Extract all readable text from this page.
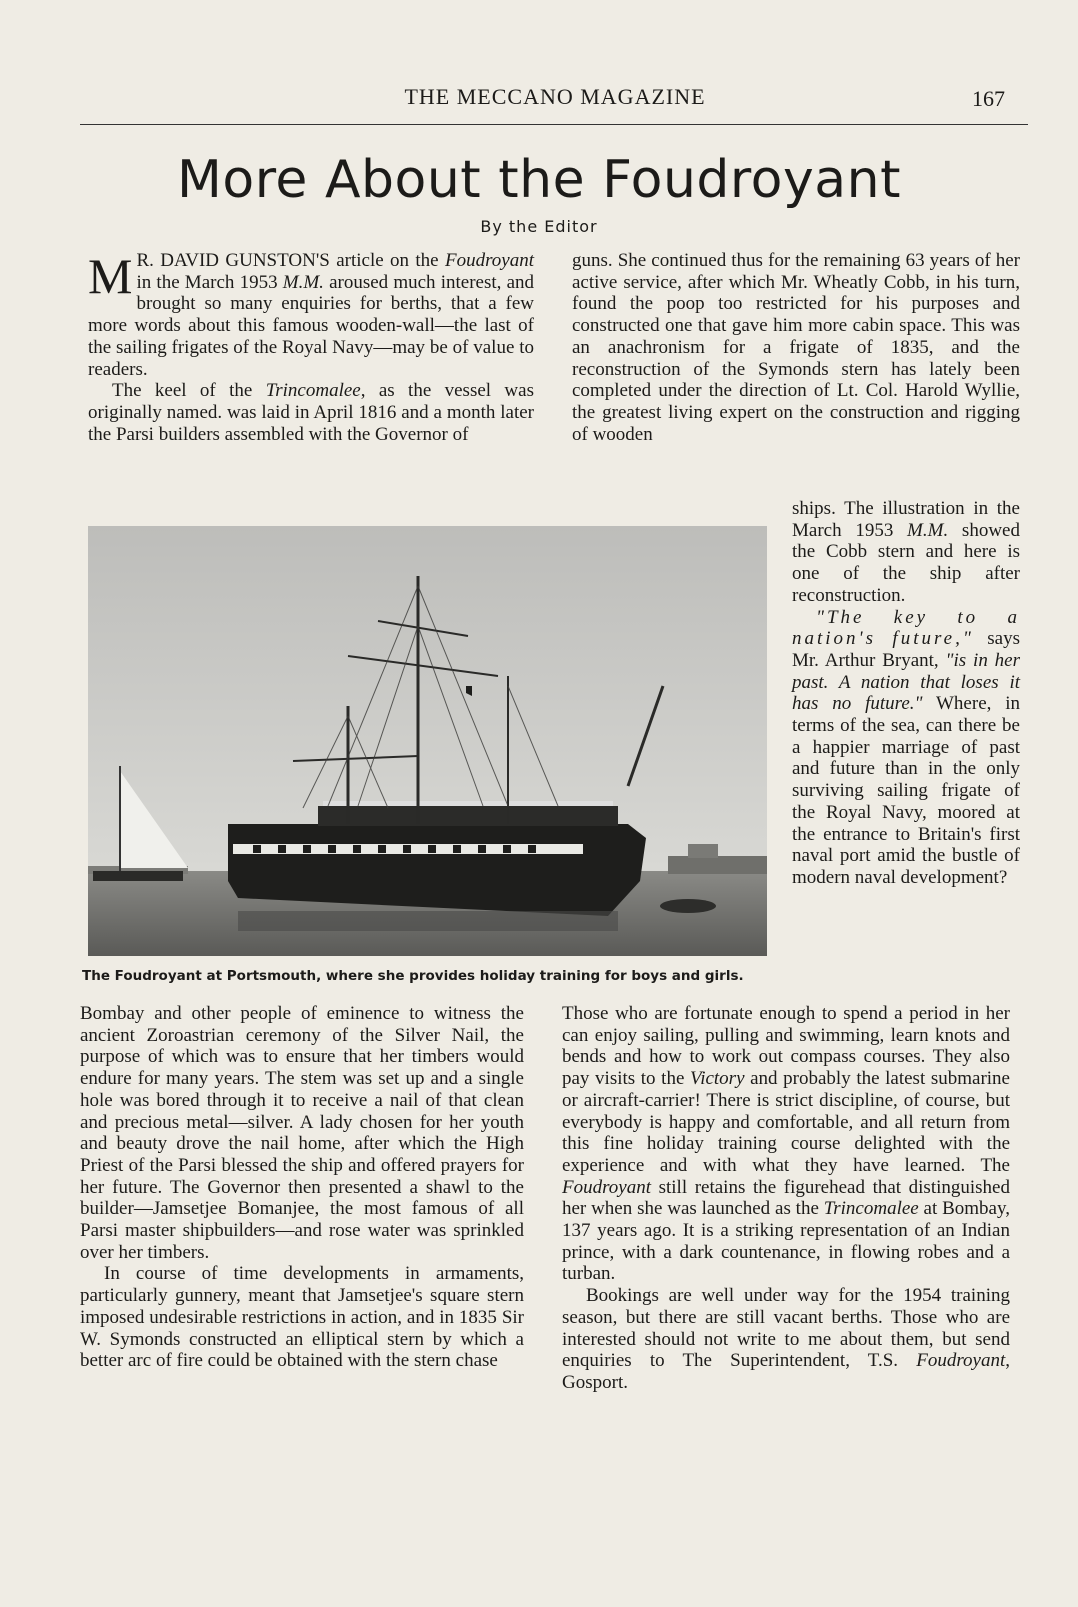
THE MECCANO MAGAZINE	167
More About the Foudroyant
By the Editor

M R. DAVID GUNSTON'S article on the Foudroyant in the March 1953 M.M. aroused much interest, and brought so many enquiries for berths, that a few more words about this famous wooden-wall—the last of the sailing frigates of the Royal Navy—may be of value to readers.

The keel of the Trincomalee, as the vessel was originally named. was laid in April 1816 and a month later the Parsi builders assembled with the Governor of

guns. She continued thus for the remaining 63 years of her active service, after which Mr. Wheatly Cobb, in his turn, found the poop too restricted for his purposes and constructed one that gave him more cabin space. This was an anachronism for a frigate of 1835, and the reconstruction of the Symonds stern has lately been completed under the direction of Lt. Col. Harold Wyllie, the greatest living expert on the construction and rigging of wooden

ships. The illustration in the March 1953 M.M. showed the Cobb stern and here is one of the ship after reconstruction.

"The key to a nation's future," says Mr. Arthur Bryant, "is in her past. A nation that loses it has no future." Where, in terms of the sea, can there be a happier marriage of past and future than in the only surviving sailing frigate of the Royal Navy, moored at the entrance to Britain's first naval port amid the bustle of modern naval development?

The Foudroyant at Portsmouth, where she provides holiday training for boys and girls.

Bombay and other people of eminence to witness the ancient Zoroastrian ceremony of the Silver Nail, the purpose of which was to ensure that her timbers would endure for many years. The stem was set up and a single hole was bored through it to receive a nail of that clean and precious metal—silver. A lady chosen for her youth and beauty drove the nail home, after which the High Priest of the Parsi blessed the ship and offered prayers for her future. The Governor then presented a shawl to the builder—Jamsetjee Bomanjee, the most famous of all Parsi master shipbuilders—and rose water was sprinkled over her timbers.

In course of time developments in armaments, particularly gunnery, meant that Jamsetjee's square stern imposed undesirable restrictions in action, and in 1835 Sir W. Symonds constructed an elliptical stern by which a better arc of fire could be obtained with the stern chase

Those who are fortunate enough to spend a period in her can enjoy sailing, pulling and swimming, learn knots and bends and how to work out compass courses. They also pay visits to the Victory and probably the latest submarine or aircraft-carrier! There is strict discipline, of course, but everybody is happy and comfortable, and all return from this fine holiday training course delighted with the experience and with what they have learned. The Foudroyant still retains the figurehead that distinguished her when she was launched as the Trincomalee at Bombay, 137 years ago. It is a striking representation of an Indian prince, with a dark countenance, in flowing robes and a turban.

Bookings are well under way for the 1954 training season, but there are still vacant berths. Those who are interested should not write to me about them, but send enquiries to The Superintendent, T.S. Foudroyant, Gosport.
